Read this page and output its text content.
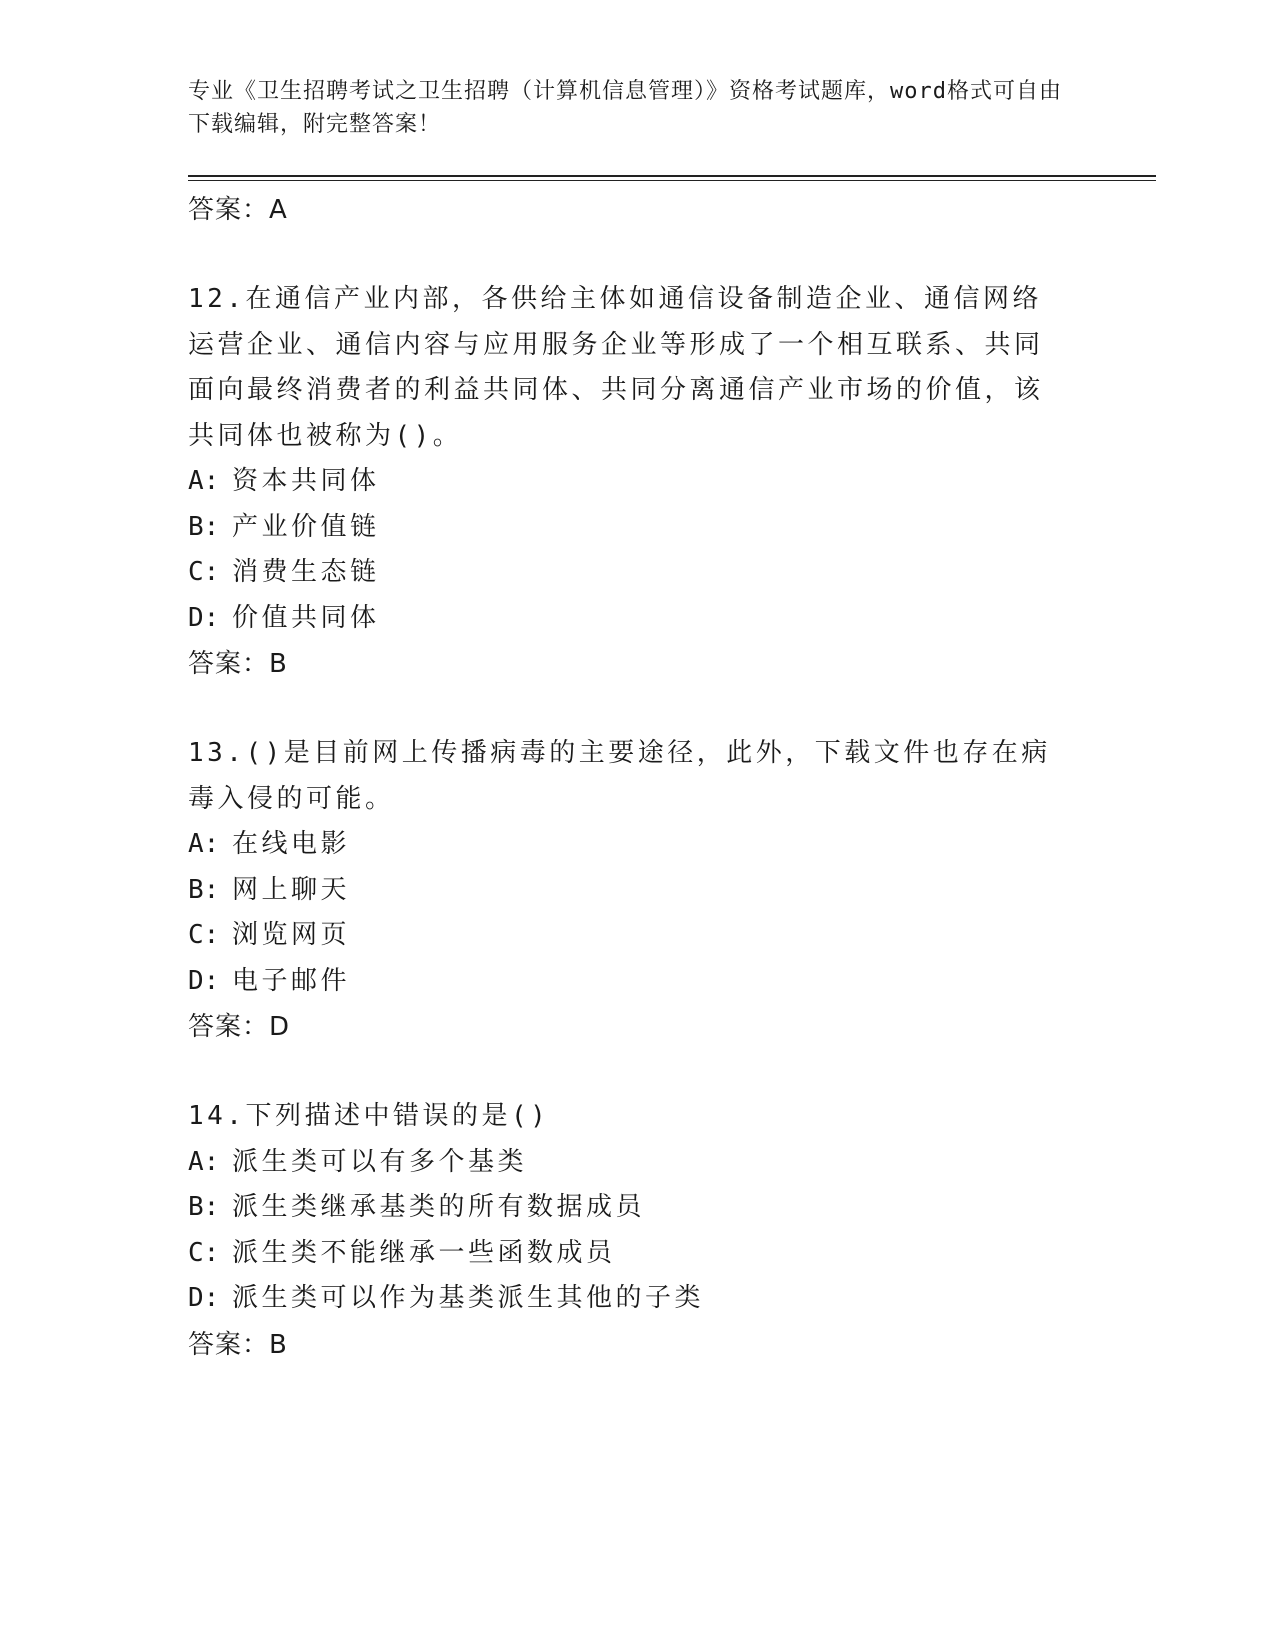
专业《卫生招聘考试之卫生招聘（计算机信息管理）》资格考试题库，word格式可自由下载编辑，附完整答案！
答案：A
12.在通信产业内部，各供给主体如通信设备制造企业、通信网络运营企业、通信内容与应用服务企业等形成了一个相互联系、共同面向最终消费者的利益共同体、共同分离通信产业市场的价值，该共同体也被称为()。
A: 资本共同体
B: 产业价值链
C: 消费生态链
D: 价值共同体
答案：B
13.()是目前网上传播病毒的主要途径，此外，下载文件也存在病毒入侵的可能。
A: 在线电影
B: 网上聊天
C: 浏览网页
D: 电子邮件
答案：D
14.下列描述中错误的是()
A: 派生类可以有多个基类
B: 派生类继承基类的所有数据成员
C: 派生类不能继承一些函数成员
D: 派生类可以作为基类派生其他的子类
答案：B
